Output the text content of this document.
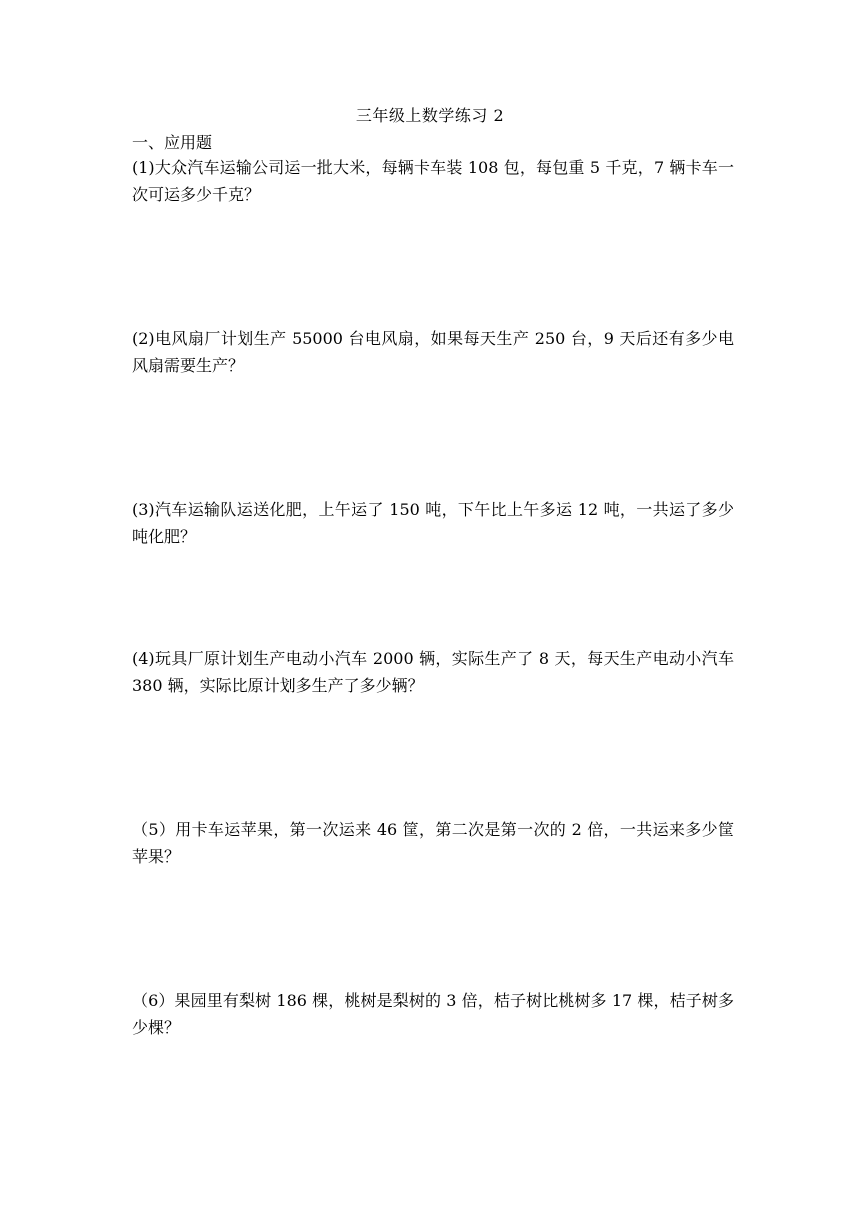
三年级上数学练习 2
一、应用题
(1)大众汽车运输公司运一批大米，每辆卡车装 108 包，每包重 5 千克，7 辆卡车一次可运多少千克？
(2)电风扇厂计划生产 55000 台电风扇，如果每天生产 250 台，9 天后还有多少电风扇需要生产？
(3)汽车运输队运送化肥，上午运了 150 吨，下午比上午多运 12 吨，一共运了多少吨化肥？
(4)玩具厂原计划生产电动小汽车 2000 辆，实际生产了 8 天，每天生产电动小汽车 380 辆，实际比原计划多生产了多少辆？
（5）用卡车运苹果，第一次运来 46 筐，第二次是第一次的 2 倍，一共运来多少筐苹果？
（6）果园里有梨树 186 棵，桃树是梨树的 3 倍，桔子树比桃树多 17 棵，桔子树多少棵？
